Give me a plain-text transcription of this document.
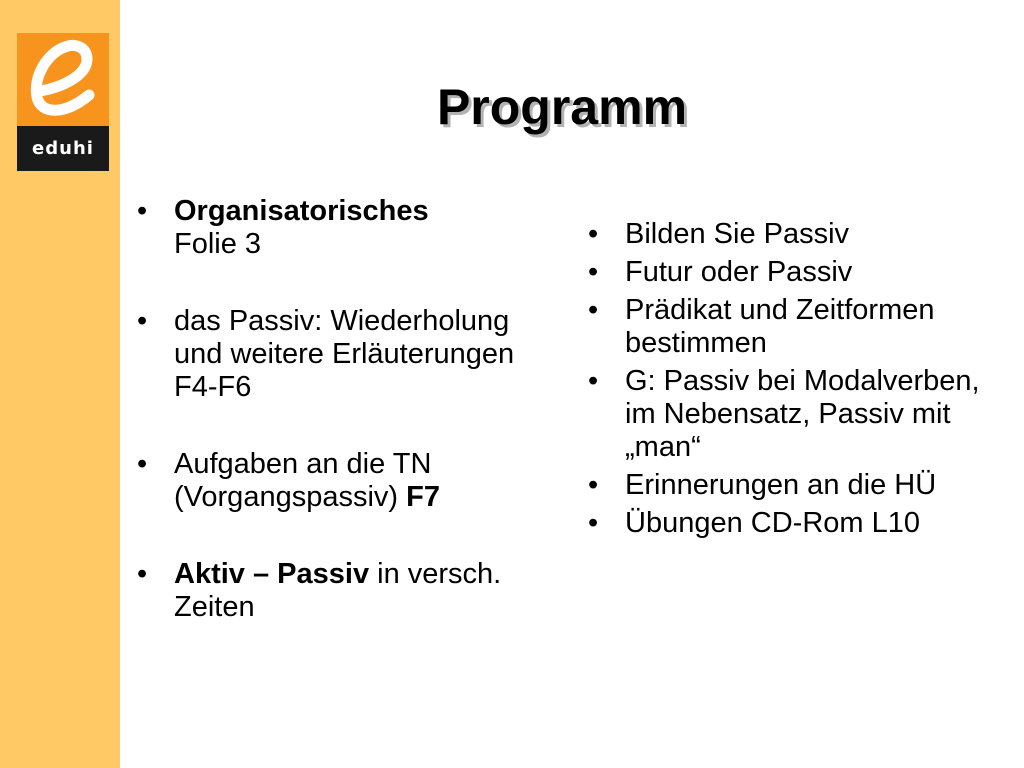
eduhi
Programm
• Organisatorisches
Folie 3
• das Passiv: Wiederholung und weitere Erläuterungen F4-F6
• Aufgaben an die TN (Vorgangspassiv) F7
• Aktiv – Passiv in versch. Zeiten
• Bilden Sie Passiv
• Futur oder Passiv
• Prädikat und Zeitformen bestimmen
• G: Passiv bei Modalverben, im Nebensatz, Passiv mit „man“
• Erinnerungen an die HÜ
• Übungen CD-Rom L10
